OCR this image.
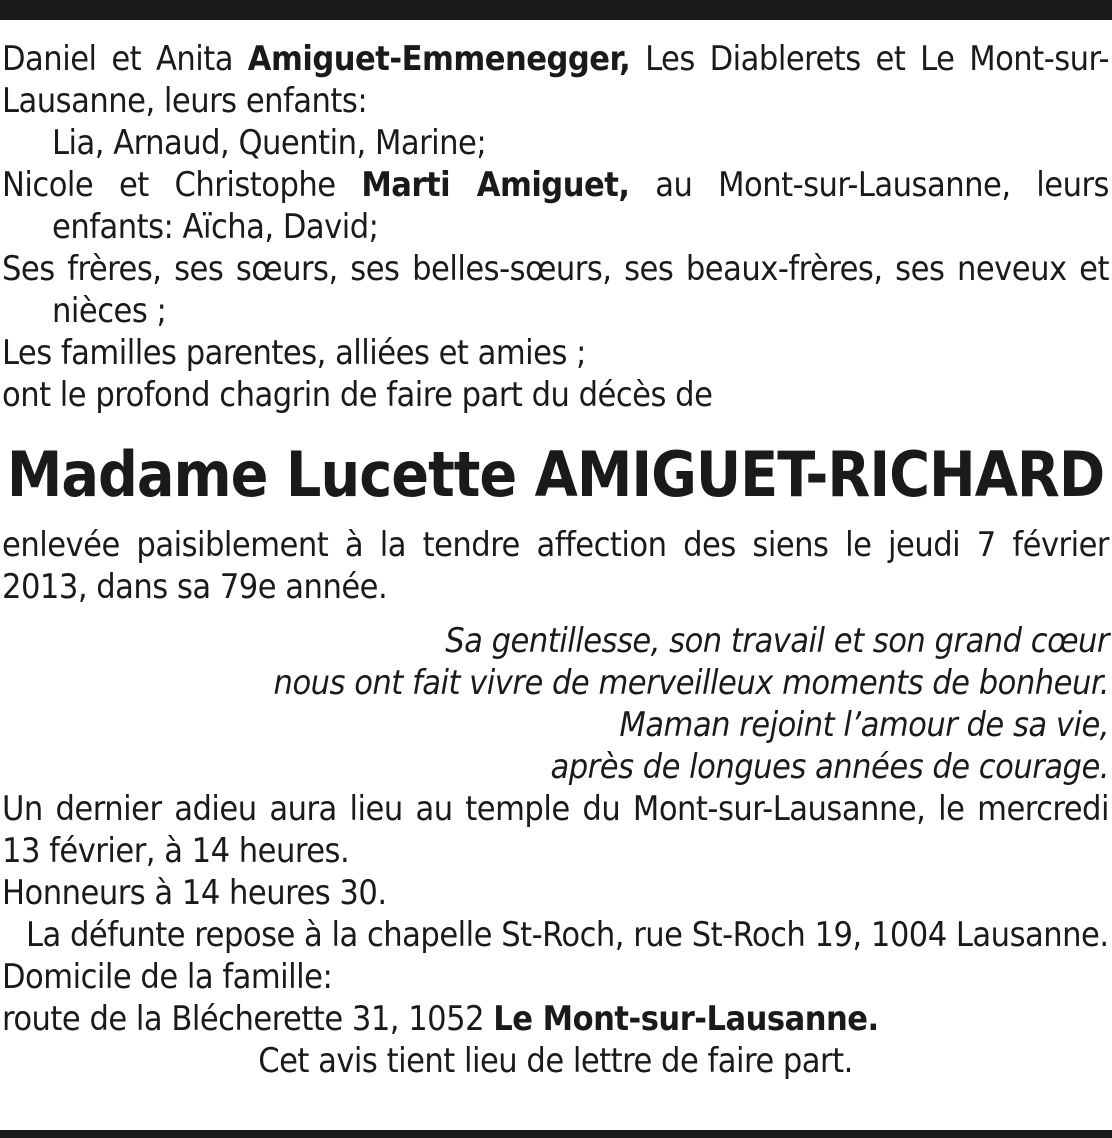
Daniel et Anita Amiguet-Emmenegger, Les Diablerets et Le Mont-sur-Lausanne, leurs enfants:

Lia, Arnaud, Quentin, Marine;

Nicole et Christophe Marti Amiguet, au Mont-sur-Lausanne, leurs enfants: Aïcha, David;

Ses frères, ses sœurs, ses belles-sœurs, ses beaux-frères, ses neveux et nièces ;

Les familles parentes, alliées et amies ;

ont le profond chagrin de faire part du décès de

Madame Lucette AMIGUET-RICHARD

enlevée paisiblement à la tendre affection des siens le jeudi 7 février 2013, dans sa 79e année.

Sa gentillesse, son travail et son grand cœur
nous ont fait vivre de merveilleux moments de bonheur.
Maman rejoint l’amour de sa vie,
après de longues années de courage.

Un dernier adieu aura lieu au temple du Mont-sur-Lausanne, le mercredi 13 février, à 14 heures.

Honneurs à 14 heures 30.

La défunte repose à la chapelle St-Roch, rue St-Roch 19, 1004 Lausanne.

Domicile de la famille:

route de la Blécherette 31, 1052 Le Mont-sur-Lausanne.

Cet avis tient lieu de lettre de faire part.
